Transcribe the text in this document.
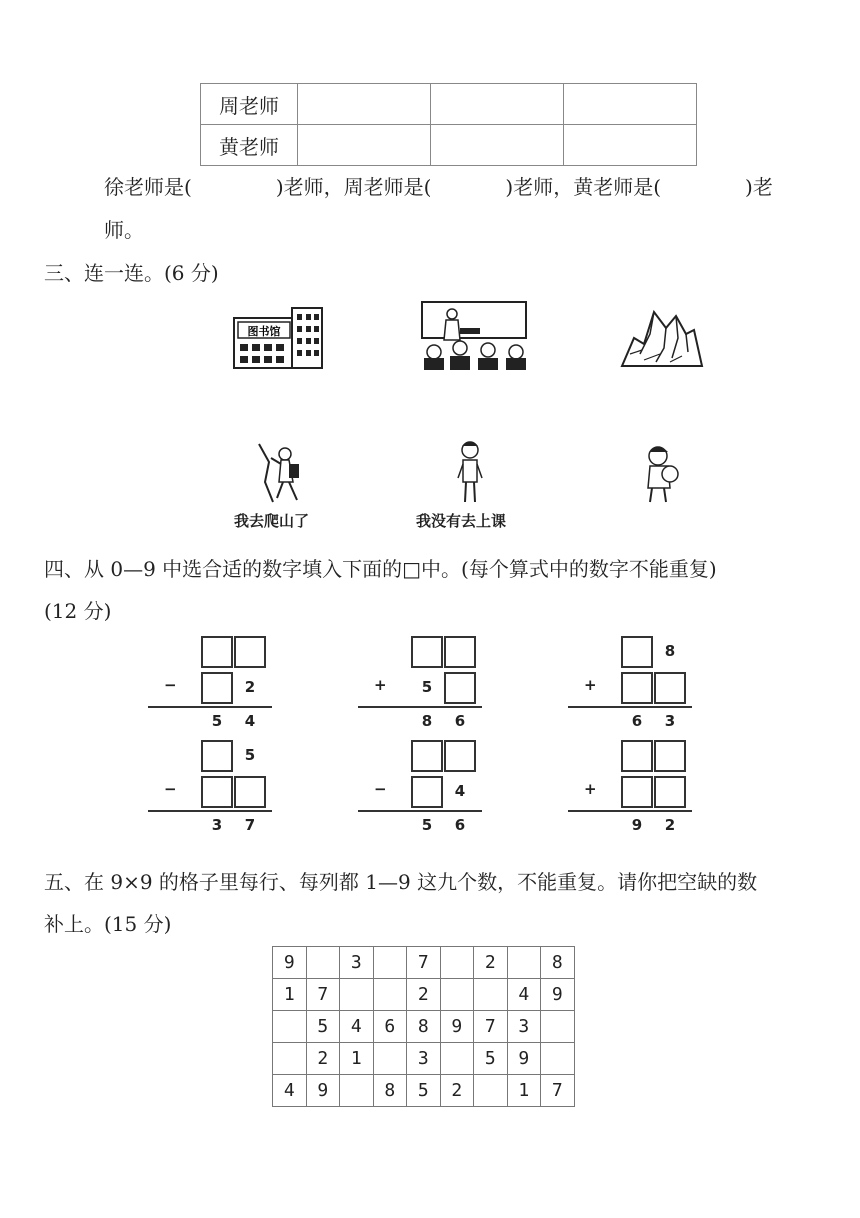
周老师			
黄老师			
徐老师是(	)老师，周老师是(	)老师，黄老师是(	)老
师。
三、连一连。(6 分)
图书馆
我去爬山了	我没有去上课
四、从 0—9 中选合适的数字填入下面的□中。(每个算式中的数字不能重复)
(12 分)
2
−
5	4
5
+
8	6
8
+
6	3
5
−
3	7
4
−
5	6
+
9	2
五、在 9×9 的格子里每行、每列都 1—9 这九个数，不能重复。请你把空缺的数
补上。(15 分)
9		3		7		2		8
1	7			2			4	9
	5	4	6	8	9	7	3	
	2	1		3		5	9	
4	9		8	5	2		1	7
